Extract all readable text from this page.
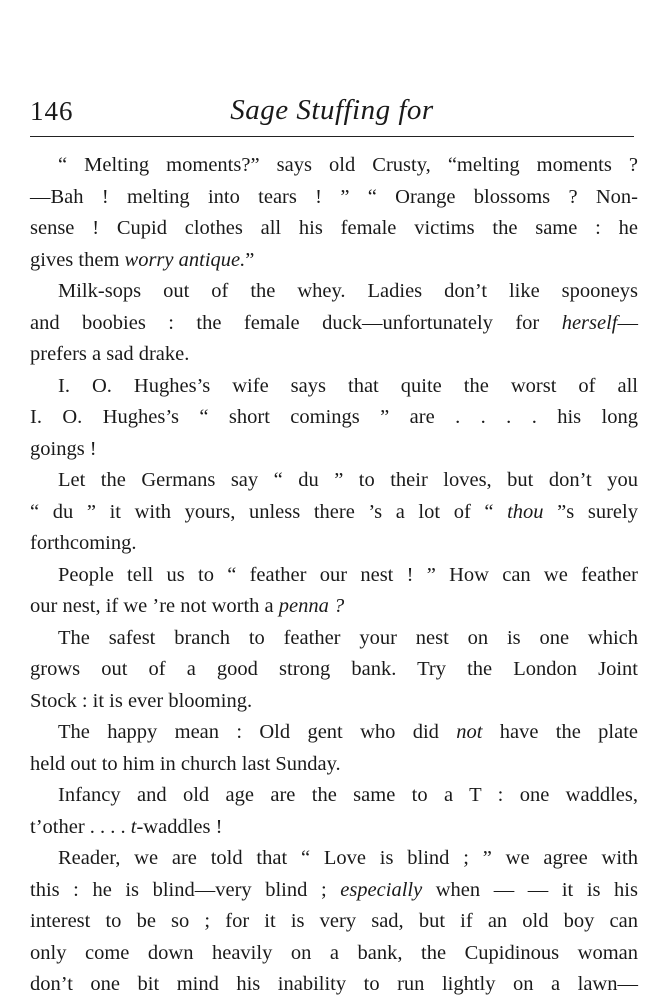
146	Sage Stuffing for
“ Melting moments?” says old Crusty, “melting moments ?
—Bah ! melting into tears ! ” “ Orange blossoms ? Non-
sense ! Cupid clothes all his female victims the same : he
gives them worry antique.”
Milk-sops out of the whey. Ladies don’t like spooneys
and boobies : the female duck—unfortunately for herself—
prefers a sad drake.
I. O. Hughes’s wife says that quite the worst of all
I. O. Hughes’s “ short comings ” are . . . . his long
goings !
Let the Germans say “ du ” to their loves, but don’t you
“ du ” it with yours, unless there ’s a lot of “ thou ”s surely
forthcoming.
People tell us to “ feather our nest ! ” How can we feather
our nest, if we ’re not worth a penna ?
The safest branch to feather your nest on is one which
grows out of a good strong bank. Try the London Joint
Stock : it is ever blooming.
The happy mean : Old gent who did not have the plate
held out to him in church last Sunday.
Infancy and old age are the same to a T : one waddles,
t’other . . . . t-waddles !
Reader, we are told that “ Love is blind ; ” we agree with
this : he is blind—very blind ; especially when — — it is his
interest to be so ; for it is very sad, but if an old boy can
only come down heavily on a bank, the Cupidinous woman
don’t one bit mind his inability to run lightly on a lawn—
